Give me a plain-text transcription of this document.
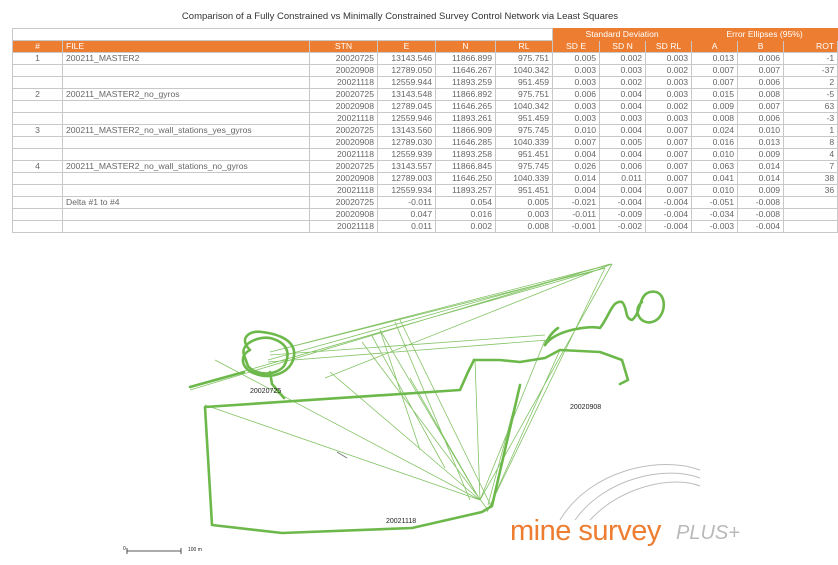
Comparison of a Fully Constrained vs Minimally Constrained Survey Control Network via Least Squares
						Standard Deviation			Error Ellipses (95%)		
#	FILE	STN	E	N	RL	SD E	SD N	SD RL	A	B	ROT
1	200211_MASTER2	20020725	13143.546	11866.899	975.751	0.005	0.002	0.003	0.013	0.006	-1
		20020908	12789.050	11646.267	1040.342	0.003	0.003	0.002	0.007	0.007	-37
		20021118	12559.944	11893.259	951.459	0.003	0.002	0.003	0.007	0.006	2
2	200211_MASTER2_no_gyros	20020725	13143.548	11866.892	975.751	0.006	0.004	0.003	0.015	0.008	-5
		20020908	12789.045	11646.265	1040.342	0.003	0.004	0.002	0.009	0.007	63
		20021118	12559.946	11893.261	951.459	0.003	0.003	0.003	0.008	0.006	-3
3	200211_MASTER2_no_wall_stations_yes_gyros	20020725	13143.560	11866.909	975.745	0.010	0.004	0.007	0.024	0.010	1
		20020908	12789.030	11646.285	1040.339	0.007	0.005	0.007	0.016	0.013	8
		20021118	12559.939	11893.258	951.451	0.004	0.004	0.007	0.010	0.009	4
4	200211_MASTER2_no_wall_stations_no_gyros	20020725	13143.557	11866.845	975.745	0.026	0.006	0.007	0.063	0.014	7
		20020908	12789.003	11646.250	1040.339	0.014	0.011	0.007	0.041	0.014	38
		20021118	12559.934	11893.257	951.451	0.004	0.004	0.007	0.010	0.009	36
	Delta #1 to #4	20020725	-0.011	0.054	0.005	-0.021	-0.004	-0.004	-0.051	-0.008	
		20020908	0.047	0.016	0.003	-0.011	-0.009	-0.004	-0.034	-0.008	
		20021118	0.011	0.002	0.008	-0.001	-0.002	-0.004	-0.003	-0.004	
20020725
20020908
20021118
0	100 m
mine survey PLUS+
